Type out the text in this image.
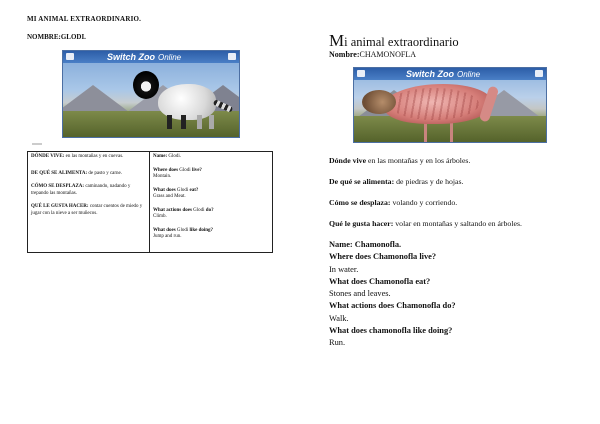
MI ANIMAL EXTRAORDINARIO.
NOMBRE:GLODI.
Switch Zoo Online

DÓNDE VIVE: en las montañas y en cuevas.

DE QUÉ SE ALIMENTA: de pasto y carne.

CÓMO SE DESPLAZA: caminando, nadando y trepando las montañas.

QUÉ LE GUSTA HACER: contar cuentos de miedo y jugar con la nieve a ser muñecos.

Name: Glodi.

Where does Glodi live?
Montain.

What does Glodi eat?
Grass and Meat.

What actions does Glodi do?
Climb.

What does Glodi like doing?
Jump and run.

Mi animal extraordinario
Nombre:CHAMONOFLA
Switch Zoo Online
Dónde vive en las montañas y en los árboles.
De qué se alimenta: de piedras y de hojas.
Cómo se desplaza: volando y corriendo.
Qué le gusta hacer: volar en montañas y saltando en árboles.
Name: Chamonofla.
Where does Chamonofla live?
In water.
What does Chamonofla eat?
Stones and leaves.
What actions does Chamonofla do?
Walk.
What does chamonofla like doing?
Run.
